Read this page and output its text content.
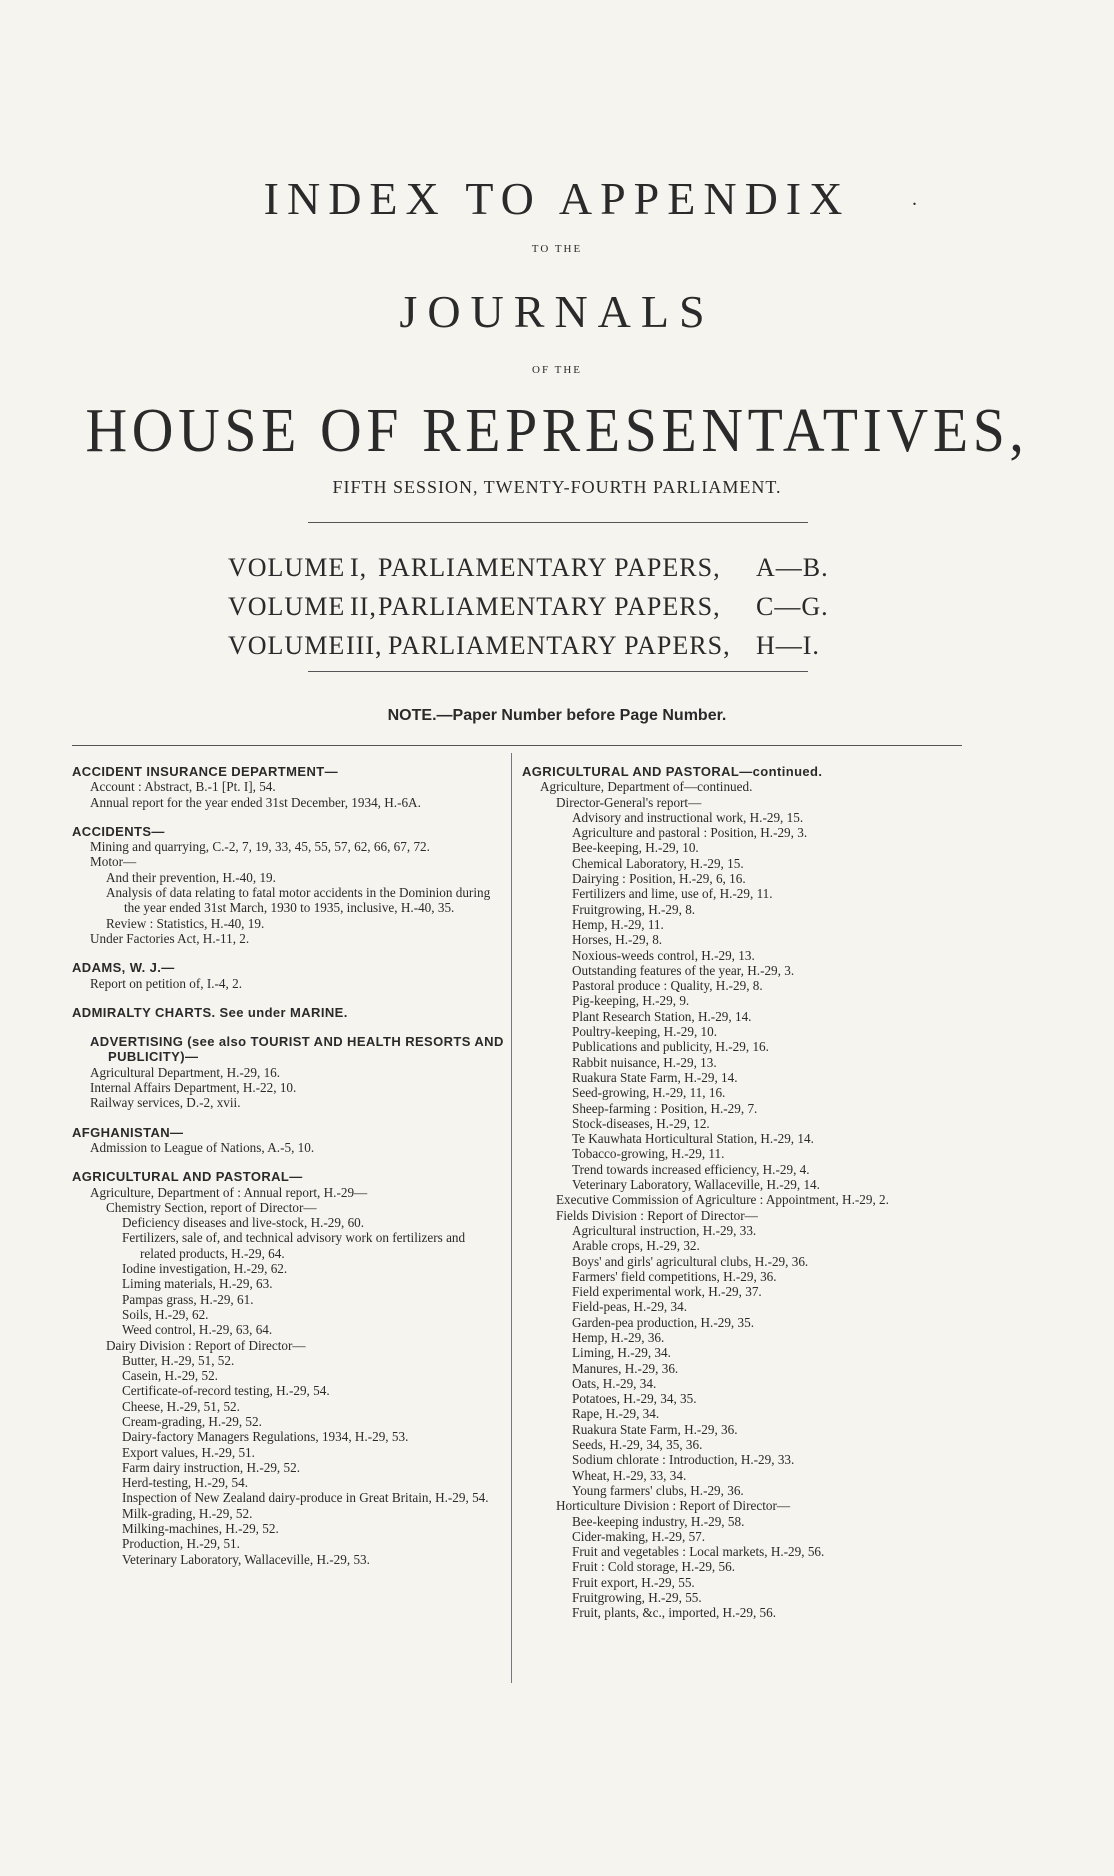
INDEX TO APPENDIX	.
TO THE
JOURNALS
OF THE
HOUSE OF REPRESENTATIVES,
FIFTH SESSION, TWENTY-FOURTH PARLIAMENT.
VOLUME I, PARLIAMENTARY PAPERS, A—B.
VOLUME II, PARLIAMENTARY PAPERS, C—G.
VOLUME III, PARLIAMENTARY PAPERS, H—I.
NOTE.—Paper Number before Page Number.
ACCIDENT INSURANCE DEPARTMENT—
Account : Abstract, B.-1 [Pt. I], 54.
Annual report for the year ended 31st December, 1934, H.-6A.
ACCIDENTS—
Mining and quarrying, C.-2, 7, 19, 33, 45, 55, 57, 62, 66, 67, 72.
Motor—
And their prevention, H.-40, 19.
Analysis of data relating to fatal motor accidents in the Dominion during the year ended 31st March, 1930 to 1935, inclusive, H.-40, 35.
Review : Statistics, H.-40, 19.
Under Factories Act, H.-11, 2.
ADAMS, W. J.—
Report on petition of, I.-4, 2.
ADMIRALTY CHARTS. See under MARINE.
ADVERTISING (see also TOURIST AND HEALTH RESORTS AND PUBLICITY)—
Agricultural Department, H.-29, 16.
Internal Affairs Department, H.-22, 10.
Railway services, D.-2, xvii.
AFGHANISTAN—
Admission to League of Nations, A.-5, 10.
AGRICULTURAL AND PASTORAL—
Agriculture, Department of : Annual report, H.-29—
Chemistry Section, report of Director—
Deficiency diseases and live-stock, H.-29, 60.
Fertilizers, sale of, and technical advisory work on fertilizers and related products, H.-29, 64.
Iodine investigation, H.-29, 62.
Liming materials, H.-29, 63.
Pampas grass, H.-29, 61.
Soils, H.-29, 62.
Weed control, H.-29, 63, 64.
Dairy Division : Report of Director—
Butter, H.-29, 51, 52.
Casein, H.-29, 52.
Certificate-of-record testing, H.-29, 54.
Cheese, H.-29, 51, 52.
Cream-grading, H.-29, 52.
Dairy-factory Managers Regulations, 1934, H.-29, 53.
Export values, H.-29, 51.
Farm dairy instruction, H.-29, 52.
Herd-testing, H.-29, 54.
Inspection of New Zealand dairy-produce in Great Britain, H.-29, 54.
Milk-grading, H.-29, 52.
Milking-machines, H.-29, 52.
Production, H.-29, 51.
Veterinary Laboratory, Wallaceville, H.-29, 53.
AGRICULTURAL AND PASTORAL—continued.
Agriculture, Department of—continued.
Director-General's report—
Advisory and instructional work, H.-29, 15.
Agriculture and pastoral : Position, H.-29, 3.
Bee-keeping, H.-29, 10.
Chemical Laboratory, H.-29, 15.
Dairying : Position, H.-29, 6, 16.
Fertilizers and lime, use of, H.-29, 11.
Fruitgrowing, H.-29, 8.
Hemp, H.-29, 11.
Horses, H.-29, 8.
Noxious-weeds control, H.-29, 13.
Outstanding features of the year, H.-29, 3.
Pastoral produce : Quality, H.-29, 8.
Pig-keeping, H.-29, 9.
Plant Research Station, H.-29, 14.
Poultry-keeping, H.-29, 10.
Publications and publicity, H.-29, 16.
Rabbit nuisance, H.-29, 13.
Ruakura State Farm, H.-29, 14.
Seed-growing, H.-29, 11, 16.
Sheep-farming : Position, H.-29, 7.
Stock-diseases, H.-29, 12.
Te Kauwhata Horticultural Station, H.-29, 14.
Tobacco-growing, H.-29, 11.
Trend towards increased efficiency, H.-29, 4.
Veterinary Laboratory, Wallaceville, H.-29, 14.
Executive Commission of Agriculture : Appointment, H.-29, 2.
Fields Division : Report of Director—
Agricultural instruction, H.-29, 33.
Arable crops, H.-29, 32.
Boys' and girls' agricultural clubs, H.-29, 36.
Farmers' field competitions, H.-29, 36.
Field experimental work, H.-29, 37.
Field-peas, H.-29, 34.
Garden-pea production, H.-29, 35.
Hemp, H.-29, 36.
Liming, H.-29, 34.
Manures, H.-29, 36.
Oats, H.-29, 34.
Potatoes, H.-29, 34, 35.
Rape, H.-29, 34.
Ruakura State Farm, H.-29, 36.
Seeds, H.-29, 34, 35, 36.
Sodium chlorate : Introduction, H.-29, 33.
Wheat, H.-29, 33, 34.
Young farmers' clubs, H.-29, 36.
Horticulture Division : Report of Director—
Bee-keeping industry, H.-29, 58.
Cider-making, H.-29, 57.
Fruit and vegetables : Local markets, H.-29, 56.
Fruit : Cold storage, H.-29, 56.
Fruit export, H.-29, 55.
Fruitgrowing, H.-29, 55.
Fruit, plants, &c., imported, H.-29, 56.
